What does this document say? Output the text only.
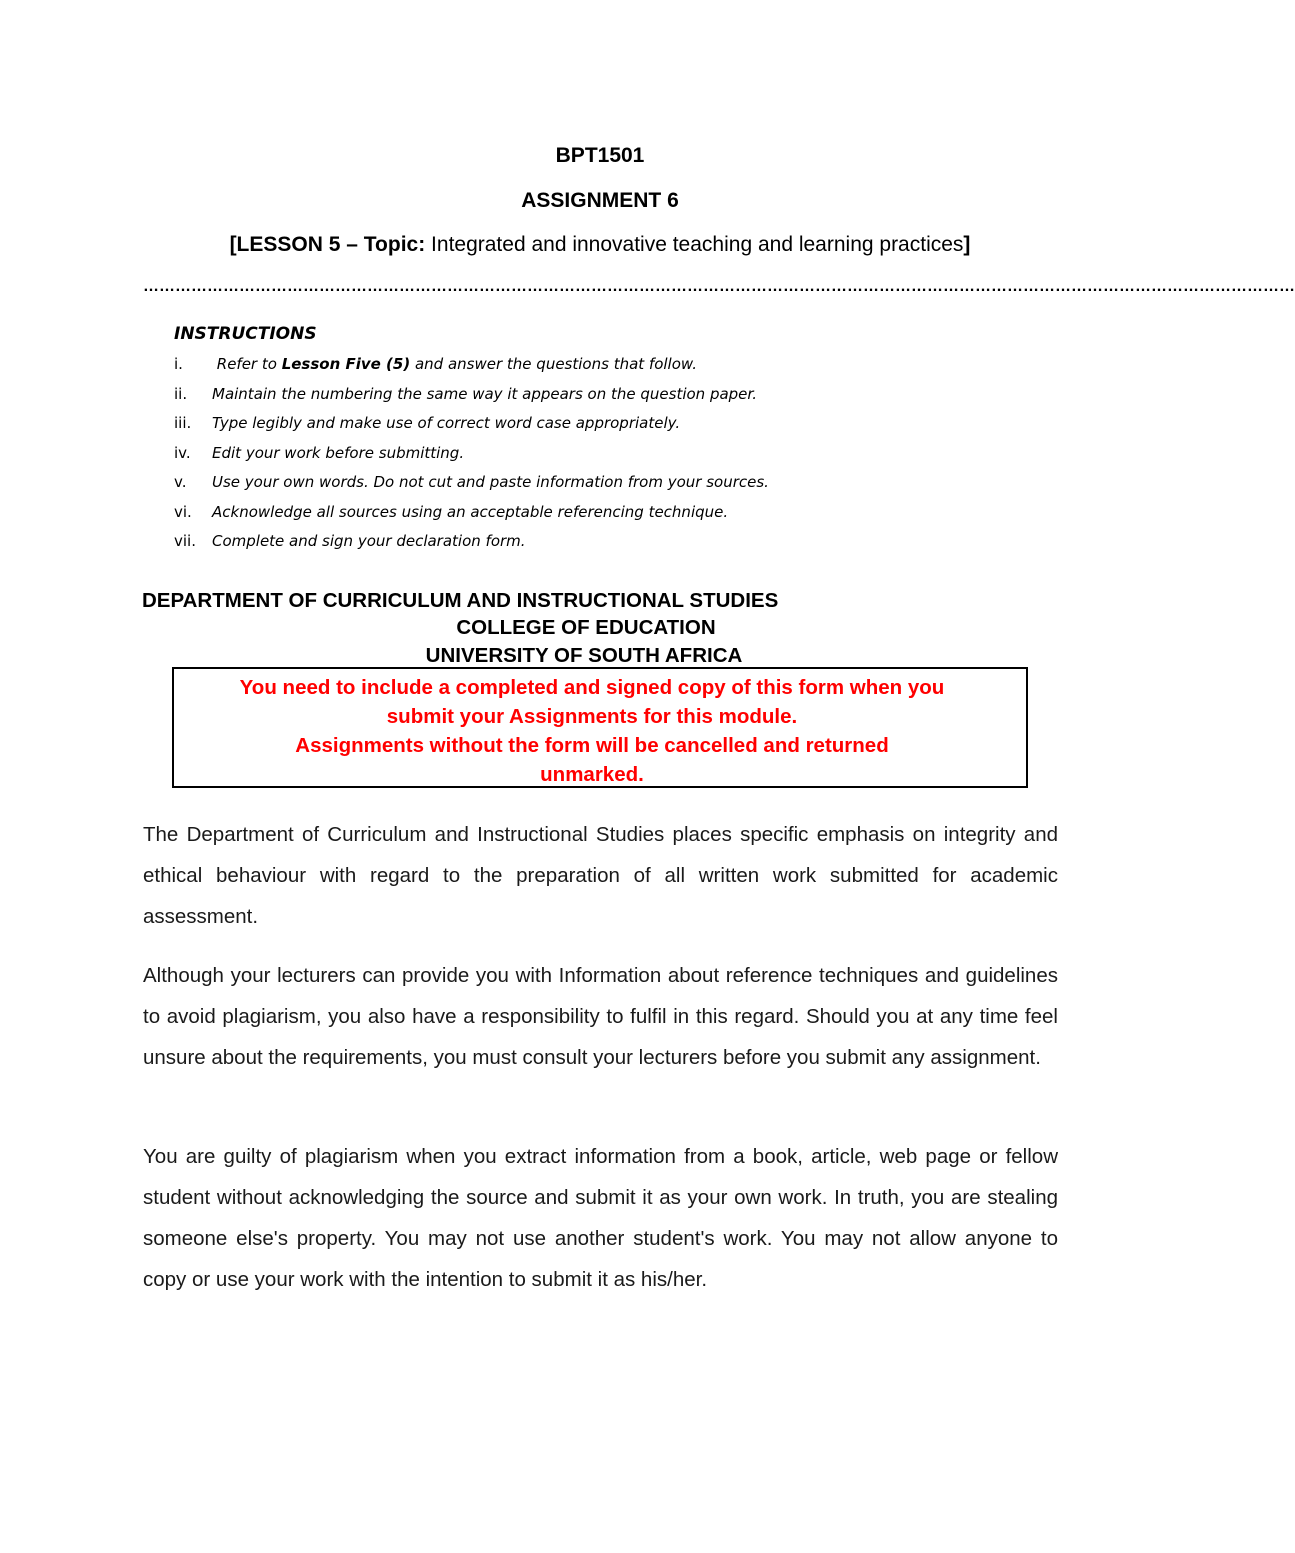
BPT1501
ASSIGNMENT 6
[LESSON 5 – Topic: Integrated and innovative teaching and learning practices]
………………………………………………………………………………………………………………………………………………………………………………………………
INSTRUCTIONS
i. Refer to Lesson Five (5) and answer the questions that follow.
ii. Maintain the numbering the same way it appears on the question paper.
iii. Type legibly and make use of correct word case appropriately.
iv. Edit your work before submitting.
v. Use your own words. Do not cut and paste information from your sources.
vi. Acknowledge all sources using an acceptable referencing technique.
vii. Complete and sign your declaration form.
DEPARTMENT OF CURRICULUM AND INSTRUCTIONAL STUDIES
COLLEGE OF EDUCATION
UNIVERSITY OF SOUTH AFRICA
You need to include a completed and signed copy of this form when you
submit your Assignments for this module.
Assignments without the form will be cancelled and returned
unmarked.
The Department of Curriculum and Instructional Studies places specific emphasis on integrity and ethical behaviour with regard to the preparation of all written work submitted for academic assessment.
Although your lecturers can provide you with Information about reference techniques and guidelines to avoid plagiarism, you also have a responsibility to fulfil in this regard. Should you at any time feel unsure about the requirements, you must consult your lecturers before you submit any assignment.
You are guilty of plagiarism when you extract information from a book, article, web page or fellow student without acknowledging the source and submit it as your own work. In truth, you are stealing someone else's property. You may not use another student's work. You may not allow anyone to copy or use your work with the intention to submit it as his/her.
